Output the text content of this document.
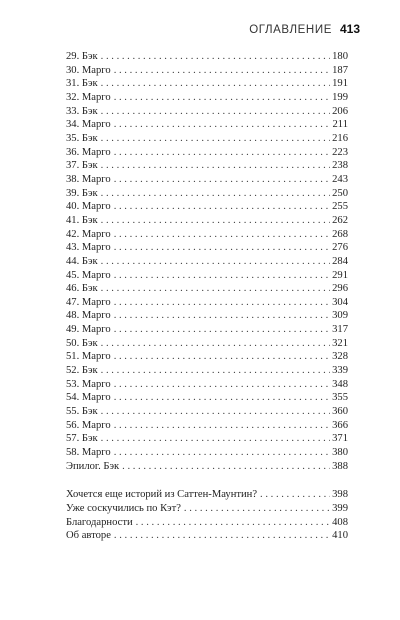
ОГЛАВЛЕНИЕ 413
29. Бэк . . .	180
30. Марго . . .	187
31. Бэк . . .	191
32. Марго . . .	199
33. Бэк . . .	206
34. Марго . . .	211
35. Бэк . . .	216
36. Марго . . .	223
37. Бэк . . .	238
38. Марго . . .	243
39. Бэк . . .	250
40. Марго . . .	255
41. Бэк . . .	262
42. Марго . . .	268
43. Марго . . .	276
44. Бэк . . .	284
45. Марго . . .	291
46. Бэк . . .	296
47. Марго . . .	304
48. Марго . . .	309
49. Марго . . .	317
50. Бэк . . .	321
51. Марго . . .	328
52. Бэк . . .	339
53. Марго . . .	348
54. Марго . . .	355
55. Бэк . . .	360
56. Марго . . .	366
57. Бэк . . .	371
58. Марго . . .	380
Эпилог. Бэк . . .	388
Хочется еще историй из Саттен-Маунтин? . . .	398
Уже соскучились по Кэт? . . .	399
Благодарности . . .	408
Об авторе . . .	410
